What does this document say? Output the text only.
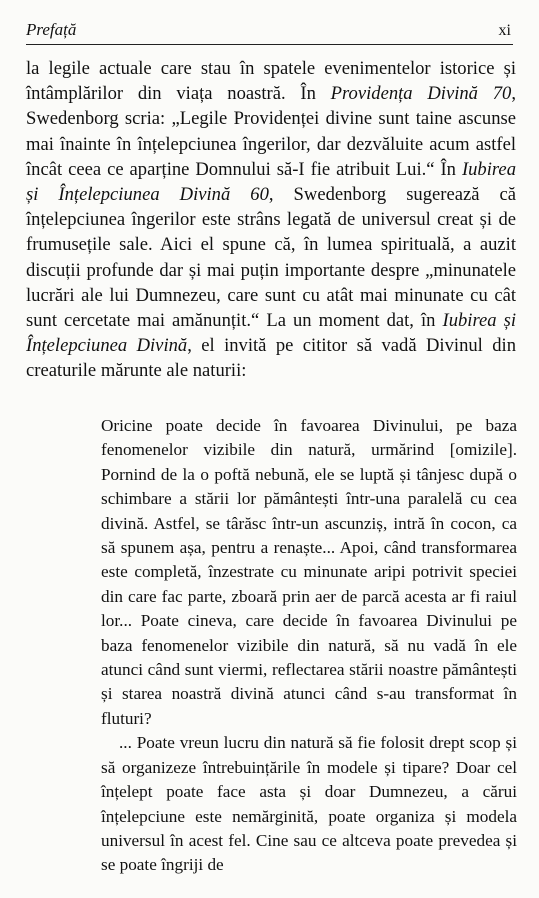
Prefață	xi

la legile actuale care stau în spatele evenimentelor istorice și întâmplărilor din viața noastră. În Providența Divină 70, Swedenborg scria: „Legile Providenței divine sunt taine ascunse mai înainte în înțelepciunea îngerilor, dar dezvăluite acum astfel încât ceea ce aparține Domnului să-I fie atribuit Lui.“ În Iubirea și Înțelepciunea Divină 60, Swedenborg sugerează că înțelepciunea îngerilor este strâns legată de universul creat și de frumusețile sale. Aici el spune că, în lumea spirituală, a auzit discuții profunde dar și mai puțin importante despre „minunatele lucrări ale lui Dumnezeu, care sunt cu atât mai minunate cu cât sunt cercetate mai amănunțit.“ La un moment dat, în Iubirea și Înțelepciunea Divină, el invită pe cititor să vadă Divinul din creaturile mărunte ale naturii:

Oricine poate decide în favoarea Divinului, pe baza fenomenelor vizibile din natură, urmărind [omizile]. Pornind de la o poftă nebună, ele se luptă și tânjesc după o schimbare a stării lor pământești într-una paralelă cu cea divină. Astfel, se târăsc într-un ascunziș, intră în cocon, ca să spunem așa, pentru a renaște... Apoi, când transformarea este completă, înzestrate cu minunate aripi potrivit speciei din care fac parte, zboară prin aer de parcă acesta ar fi raiul lor... Poate cineva, care decide în favoarea Divinului pe baza fenomenelor vizibile din natură, să nu vadă în ele atunci când sunt viermi, reflectarea stării noastre pământești și starea noastră divină atunci când s-au transformat în fluturi?

... Poate vreun lucru din natură să fie folosit drept scop și să organizeze întrebuințările în modele și tipare? Doar cel înțelept poate face asta și doar Dumnezeu, a cărui înțelepciune este nemărginită, poate organiza și modela universul în acest fel. Cine sau ce altceva poate prevedea și se poate îngriji de
